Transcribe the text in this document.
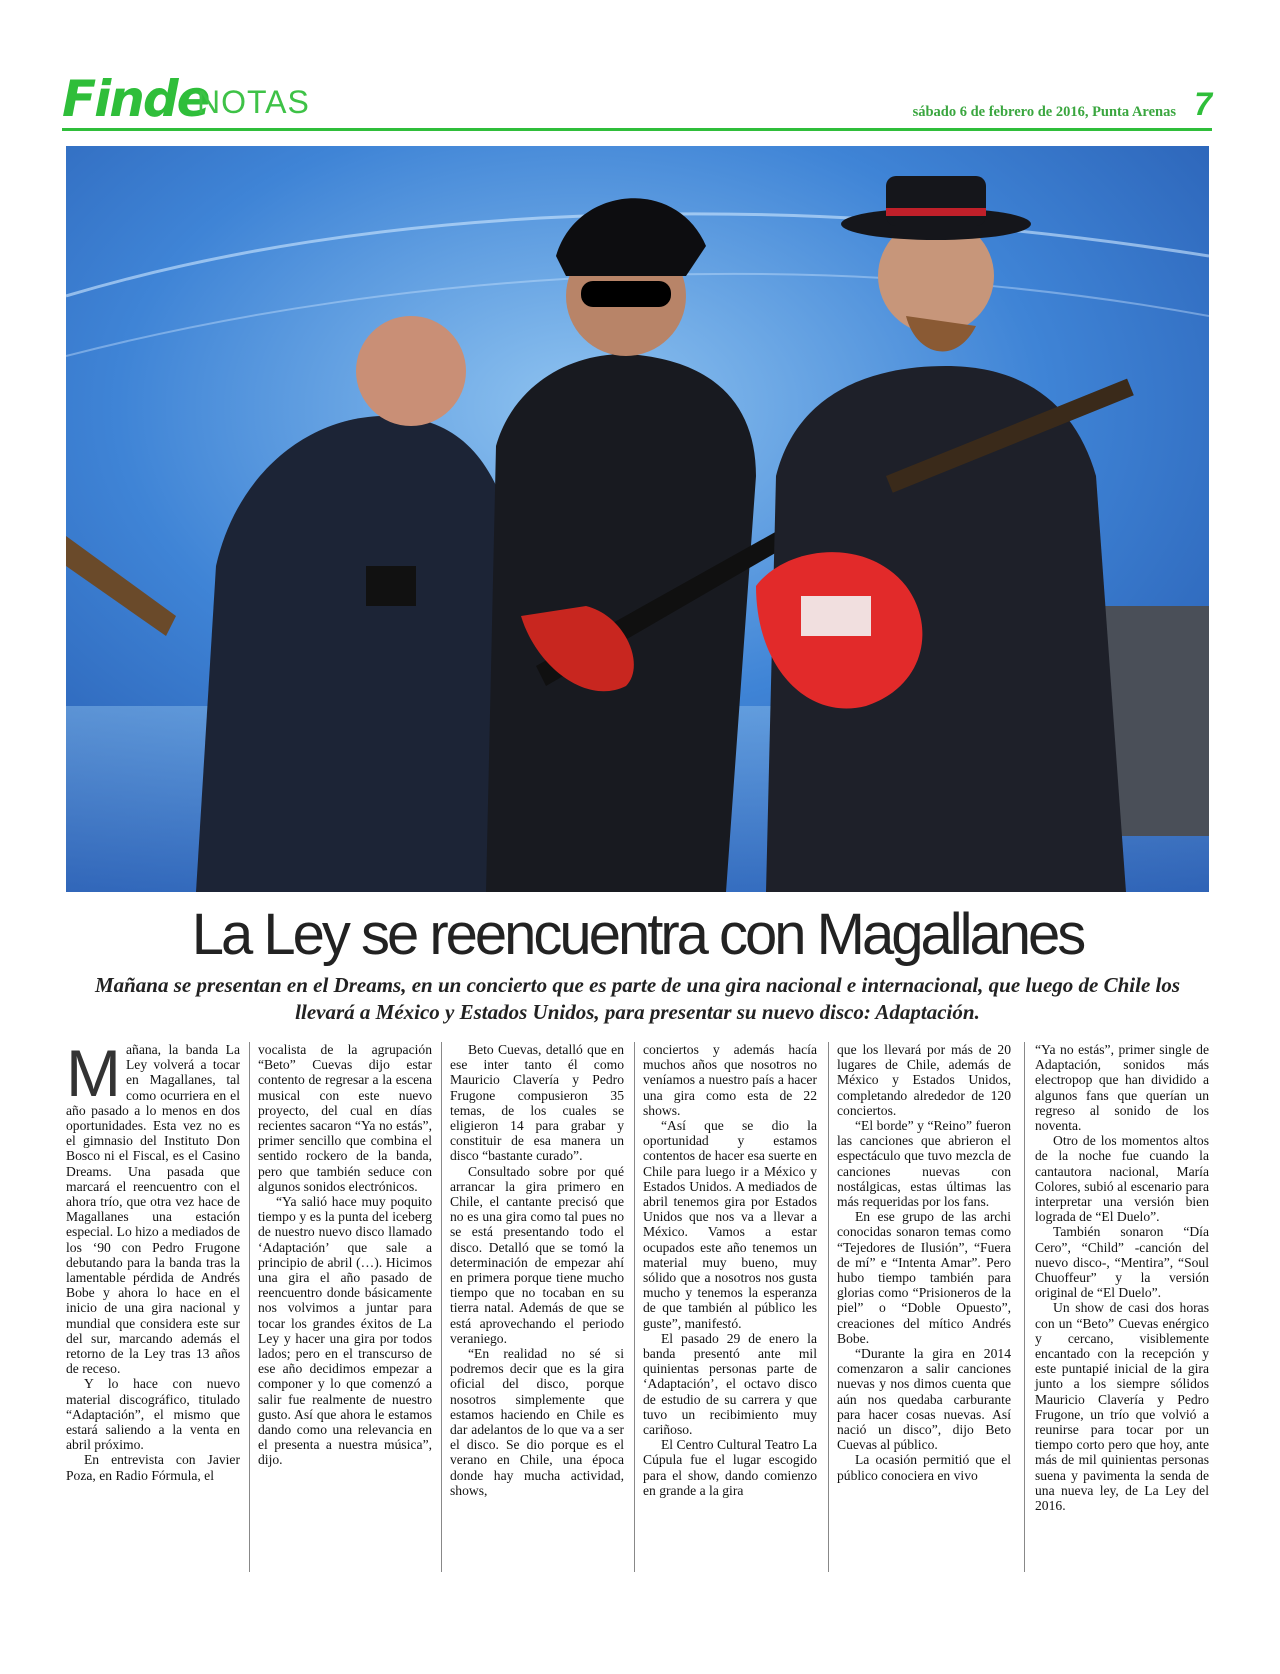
Finde
NOTAS	sábado 6 de febrero de 2016, Punta Arenas 7
La Ley se reencuentra con Magallanes

Mañana se presentan en el Dreams, en un concierto que es parte de una gira nacional e internacional, que luego de Chile los llevará a México y Estados Unidos, para presentar su nuevo disco: Adaptación.

Mañana, la banda La Ley volverá a tocar en Magallanes, tal como ocurriera en el año pasado a lo menos en dos oportunidades. Esta vez no es el gimnasio del Instituto Don Bosco ni el Fiscal, es el Casino Dreams. Una pasada que marcará el reencuentro con el ahora trío, que otra vez hace de Magallanes una estación especial. Lo hizo a mediados de los ‘90 con Pedro Frugone debutando para la banda tras la lamentable pérdida de Andrés Bobe y ahora lo hace en el inicio de una gira nacional y mundial que considera este sur del sur, marcando además el retorno de la Ley tras 13 años de receso.

Y lo hace con nuevo material discográfico, titulado “Adaptación”, el mismo que estará saliendo a la venta en abril próximo.

En entrevista con Javier Poza, en Radio Fórmula, el

vocalista de la agrupación “Beto” Cuevas dijo estar contento de regresar a la escena musical con este nuevo proyecto, del cual en días recientes sacaron “Ya no estás”, primer sencillo que combina el sentido rockero de la banda, pero que también seduce con algunos sonidos electrónicos.

“Ya salió hace muy poquito tiempo y es la punta del iceberg de nuestro nuevo disco llamado ‘Adaptación’ que sale a principio de abril (…). Hicimos una gira el año pasado de reencuentro donde básicamente nos volvimos a juntar para tocar los grandes éxitos de La Ley y hacer una gira por todos lados; pero en el transcurso de ese año decidimos empezar a componer y lo que comenzó a salir fue realmente de nuestro gusto. Así que ahora le estamos dando como una relevancia en el presenta a nuestra música”, dijo.

Beto Cuevas, detalló que en ese inter tanto él como Mauricio Clavería y Pedro Frugone compusieron 35 temas, de los cuales se eligieron 14 para grabar y constituir de esa manera un disco “bastante curado”.

Consultado sobre por qué arrancar la gira primero en Chile, el cantante precisó que no es una gira como tal pues no se está presentando todo el disco. Detalló que se tomó la determinación de empezar ahí en primera porque tiene mucho tiempo que no tocaban en su tierra natal. Además de que se está aprovechando el periodo veraniego.

“En realidad no sé si podremos decir que es la gira oficial del disco, porque nosotros simplemente que estamos haciendo en Chile es dar adelantos de lo que va a ser el disco. Se dio porque es el verano en Chile, una época donde hay mucha actividad, shows,

conciertos y además hacía muchos años que nosotros no veníamos a nuestro país a hacer una gira como esta de 22 shows.

“Así que se dio la oportunidad y estamos contentos de hacer esa suerte en Chile para luego ir a México y Estados Unidos. A mediados de abril tenemos gira por Estados Unidos que nos va a llevar a México. Vamos a estar ocupados este año tenemos un material muy bueno, muy sólido que a nosotros nos gusta mucho y tenemos la esperanza de que también al público les guste”, manifestó.

El pasado 29 de enero la banda presentó ante mil quinientas personas parte de ‘Adaptación’, el octavo disco de estudio de su carrera y que tuvo un recibimiento muy cariñoso.

El Centro Cultural Teatro La Cúpula fue el lugar escogido para el show, dando comienzo en grande a la gira

que los llevará por más de 20 lugares de Chile, además de México y Estados Unidos, completando alrededor de 120 conciertos.

“El borde” y “Reino” fueron las canciones que abrieron el espectáculo que tuvo mezcla de canciones nuevas con nostálgicas, estas últimas las más requeridas por los fans.

En ese grupo de las archi conocidas sonaron temas como “Tejedores de Ilusión”, “Fuera de mí” e “Intenta Amar”. Pero hubo tiempo también para glorias como “Prisioneros de la piel” o “Doble Opuesto”, creaciones del mítico Andrés Bobe.

“Durante la gira en 2014 comenzaron a salir canciones nuevas y nos dimos cuenta que aún nos quedaba carburante para hacer cosas nuevas. Así nació un disco”, dijo Beto Cuevas al público.

La ocasión permitió que el público conociera en vivo

“Ya no estás”, primer single de Adaptación, sonidos más electropop que han dividido a algunos fans que querían un regreso al sonido de los noventa.

Otro de los momentos altos de la noche fue cuando la cantautora nacional, María Colores, subió al escenario para interpretar una versión bien lograda de “El Duelo”.

También sonaron “Día Cero”, “Child” -canción del nuevo disco-, “Mentira”, “Soul Chuoffeur” y la versión original de “El Duelo”.

Un show de casi dos horas con un “Beto” Cuevas enérgico y cercano, visiblemente encantado con la recepción y este puntapié inicial de la gira junto a los siempre sólidos Mauricio Clavería y Pedro Frugone, un trío que volvió a reunirse para tocar por un tiempo corto pero que hoy, ante más de mil quinientas personas suena y pavimenta la senda de una nueva ley, de La Ley del 2016.
